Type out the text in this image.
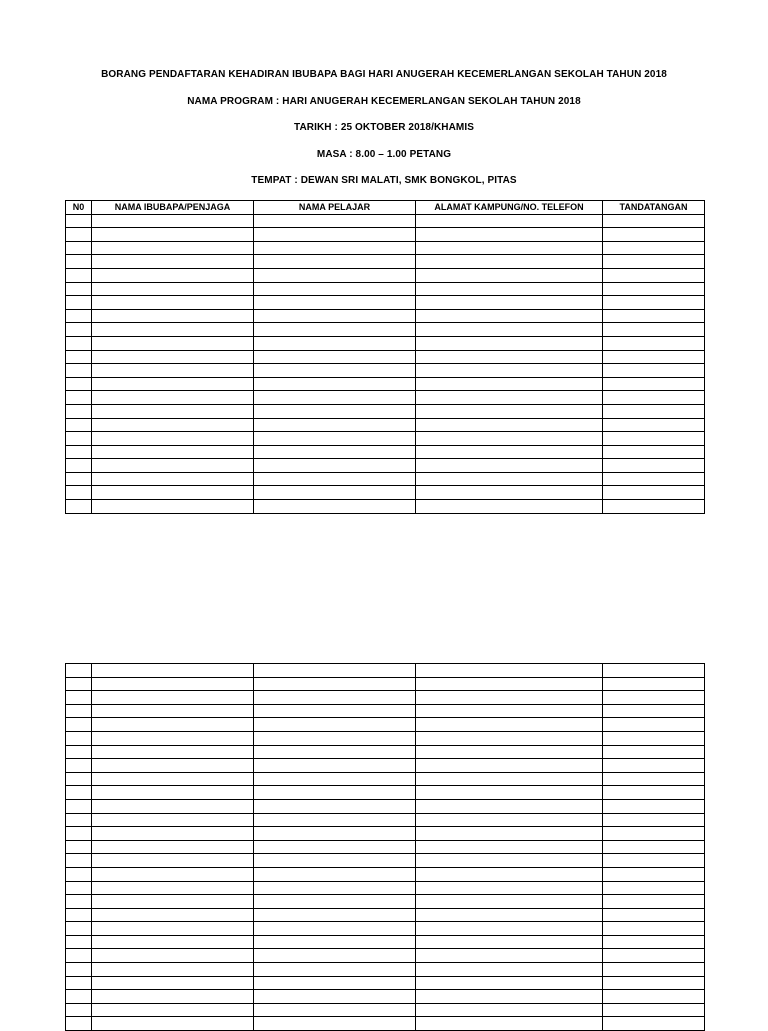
BORANG PENDAFTARAN KEHADIRAN IBUBAPA BAGI HARI ANUGERAH KECEMERLANGAN SEKOLAH TAHUN 2018
NAMA PROGRAM : HARI ANUGERAH KECEMERLANGAN SEKOLAH TAHUN 2018
TARIKH : 25 OKTOBER 2018/KHAMIS
MASA : 8.00 – 1.00 PETANG
TEMPAT : DEWAN SRI MALATI, SMK BONGKOL, PITAS
N0	NAMA IBUBAPA/PENJAGA	NAMA PELAJAR	ALAMAT KAMPUNG/NO. TELEFON	TANDATANGAN
